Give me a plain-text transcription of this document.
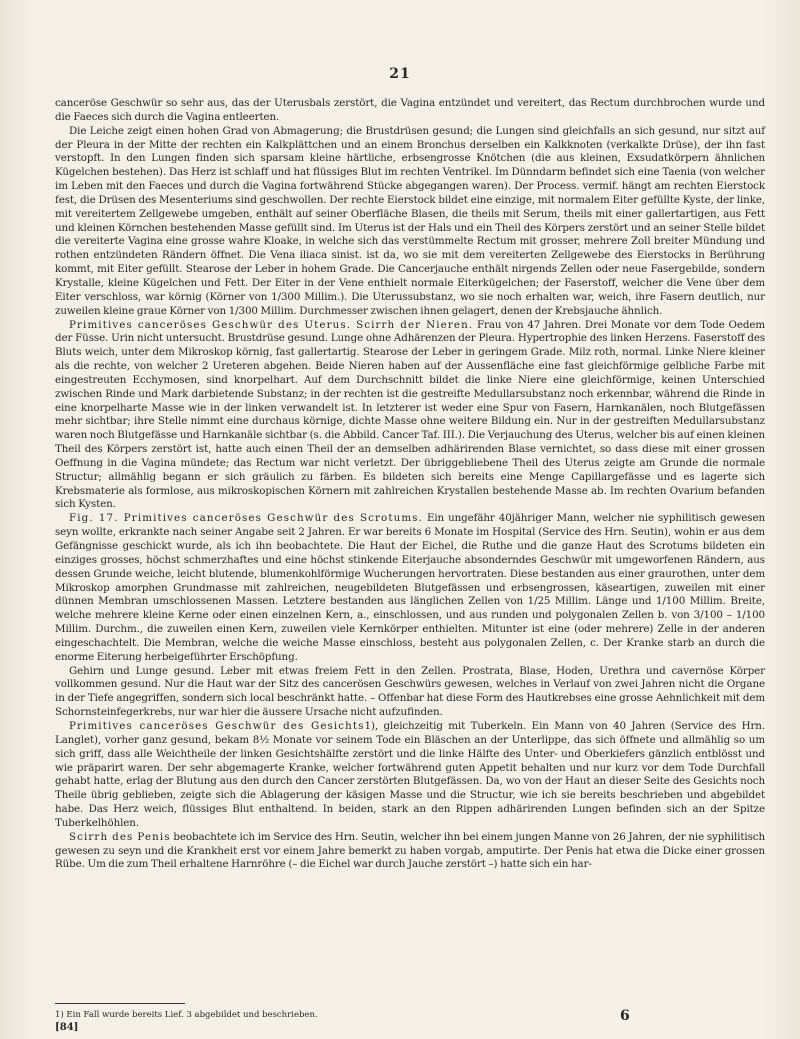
21

canceröse Geschwür so sehr aus, das der Uterusbals zerstört, die Vagina entzündet und vereitert, das Rectum durchbrochen wurde und die Faeces sich durch die Vagina entleerten.

Die Leiche zeigt einen hohen Grad von Abmagerung; die Brustdrüsen gesund; die Lungen sind gleichfalls an sich gesund, nur sitzt auf der Pleura in der Mitte der rechten ein Kalkplättchen und an einem Bronchus derselben ein Kalkknoten (verkalkte Drüse), der ihn fast verstopft. In den Lungen finden sich sparsam kleine härtliche, erbsengrosse Knötchen (die aus kleinen, Exsudatkörpern ähnlichen Kügelchen bestehen). Das Herz ist schlaff und hat flüssiges Blut im rechten Ventrikel. Im Dünndarm befindet sich eine Taenia (von welcher im Leben mit den Faeces und durch die Vagina fortwährend Stücke abgegangen waren). Der Process. vermif. hängt am rechten Eierstock fest, die Drüsen des Mesenteriums sind geschwollen. Der rechte Eierstock bildet eine einzige, mit normalem Eiter gefüllte Kyste, der linke, mit vereitertem Zellgewebe umgeben, enthält auf seiner Oberfläche Blasen, die theils mit Serum, theils mit einer gallertartigen, aus Fett und kleinen Körnchen bestehenden Masse gefüllt sind. Im Uterus ist der Hals und ein Theil des Körpers zerstört und an seiner Stelle bildet die vereiterte Vagina eine grosse wahre Kloake, in welche sich das verstümmelte Rectum mit grosser, mehrere Zoll breiter Mündung und rothen entzündeten Rändern öffnet. Die Vena iliaca sinist. ist da, wo sie mit dem vereiterten Zellgewebe des Eierstocks in Berührung kommt, mit Eiter gefüllt. Stearose der Leber in hohem Grade. Die Cancerjauche enthält nirgends Zellen oder neue Fasergebilde, sondern Krystalle, kleine Kügelchen und Fett. Der Eiter in der Vene enthielt normale Eiterkügelchen; der Faserstoff, welcher die Vene über dem Eiter verschloss, war körnig (Körner von 1/300 Millim.). Die Uterussubstanz, wo sie noch erhalten war, weich, ihre Fasern deutlich, nur zuweilen kleine graue Körner von 1/300 Millim. Durchmesser zwischen ihnen gelagert, denen der Krebsjauche ähnlich.

Primitives canceröses Geschwür des Uterus. Scirrh der Nieren. Frau von 47 Jahren. Drei Monate vor dem Tode Oedem der Füsse. Urin nicht untersucht. Brustdrüse gesund. Lunge ohne Adhärenzen der Pleura. Hypertrophie des linken Herzens. Faserstoff des Bluts weich, unter dem Mikroskop körnig, fast gallertartig. Stearose der Leber in geringem Grade. Milz roth, normal. Linke Niere kleiner als die rechte, von welcher 2 Ureteren abgehen. Beide Nieren haben auf der Aussenfläche eine fast gleichförmige gelbliche Farbe mit eingestreuten Ecchymosen, sind knorpelhart. Auf dem Durchschnitt bildet die linke Niere eine gleichförmige, keinen Unterschied zwischen Rinde und Mark darbietende Substanz; in der rechten ist die gestreifte Medullarsubstanz noch erkennbar, während die Rinde in eine knorpelharte Masse wie in der linken verwandelt ist. In letzterer ist weder eine Spur von Fasern, Harnkanälen, noch Blutgefässen mehr sichtbar; ihre Stelle nimmt eine durchaus körnige, dichte Masse ohne weitere Bildung ein. Nur in der gestreiften Medullarsubstanz waren noch Blutgefässe und Harnkanäle sichtbar (s. die Abbild. Cancer Taf. III.). Die Verjauchung des Uterus, welcher bis auf einen kleinen Theil des Körpers zerstört ist, hatte auch einen Theil der an demselben adhärirenden Blase vernichtet, so dass diese mit einer grossen Oeffnung in die Vagina mündete; das Rectum war nicht verletzt. Der übriggebliebene Theil des Uterus zeigte am Grunde die normale Structur; allmählig begann er sich gräulich zu färben. Es bildeten sich bereits eine Menge Capillargefässe und es lagerte sich Krebsmaterie als formlose, aus mikroskopischen Körnern mit zahlreichen Krystallen bestehende Masse ab. Im rechten Ovarium befanden sich Kysten.

Fig. 17. Primitives canceröses Geschwür des Scrotums. Ein ungefähr 40jähriger Mann, welcher nie syphilitisch gewesen seyn wollte, erkrankte nach seiner Angabe seit 2 Jahren. Er war bereits 6 Monate im Hospital (Service des Hrn. Seutin), wohin er aus dem Gefängnisse geschickt wurde, als ich ihn beobachtete. Die Haut der Eichel, die Ruthe und die ganze Haut des Scrotums bildeten ein einziges grosses, höchst schmerzhaftes und eine höchst stinkende Eiterjauche absonderndes Geschwür mit umgeworfenen Rändern, aus dessen Grunde weiche, leicht blutende, blumenkohlförmige Wucherungen hervortraten. Diese bestanden aus einer graurothen, unter dem Mikroskop amorphen Grundmasse mit zahlreichen, neugebildeten Blutgefässen und erbsengrossen, käseartigen, zuweilen mit einer dünnen Membran umschlossenen Massen. Letztere bestanden aus länglichen Zellen von 1/25 Millim. Länge und 1/100 Millim. Breite, welche mehrere kleine Kerne oder einen einzelnen Kern, a., einschlossen, und aus runden und polygonalen Zellen b. von 3/100 – 1/100 Millim. Durchm., die zuweilen einen Kern, zuweilen viele Kernkörper enthielten. Mitunter ist eine (oder mehrere) Zelle in der anderen eingeschachtelt. Die Membran, welche die weiche Masse einschloss, besteht aus polygonalen Zellen, c. Der Kranke starb an durch die enorme Eiterung herbeigeführter Erschöpfung.

Gehirn und Lunge gesund. Leber mit etwas freiem Fett in den Zellen. Prostrata, Blase, Hoden, Urethra und cavernöse Körper vollkommen gesund. Nur die Haut war der Sitz des cancerösen Geschwürs gewesen, welches in Verlauf von zwei Jahren nicht die Organe in der Tiefe angegriffen, sondern sich local beschränkt hatte. – Offenbar hat diese Form des Hautkrebses eine grosse Aehnlichkeit mit dem Schornsteinfegerkrebs, nur war hier die äussere Ursache nicht aufzufinden.

Primitives canceröses Geschwür des Gesichts1), gleichzeitig mit Tuberkeln. Ein Mann von 40 Jahren (Service des Hrn. Langlet), vorher ganz gesund, bekam 8½ Monate vor seinem Tode ein Bläschen an der Unterlippe, das sich öffnete und allmählig so um sich griff, dass alle Weichtheile der linken Gesichtshälfte zerstört und die linke Hälfte des Unter- und Oberkiefers gänzlich entblösst und wie präparirt waren. Der sehr abgemagerte Kranke, welcher fortwährend guten Appetit behalten und nur kurz vor dem Tode Durchfall gehabt hatte, erlag der Blutung aus den durch den Cancer zerstörten Blutgefässen. Da, wo von der Haut an dieser Seite des Gesichts noch Theile übrig geblieben, zeigte sich die Ablagerung der käsigen Masse und die Structur, wie ich sie bereits beschrieben und abgebildet habe. Das Herz weich, flüssiges Blut enthaltend. In beiden, stark an den Rippen adhärirenden Lungen befinden sich an der Spitze Tuberkelhöhlen.

Scirrh des Penis beobachtete ich im Service des Hrn. Seutin, welcher ihn bei einem jungen Manne von 26 Jahren, der nie syphilitisch gewesen zu seyn und die Krankheit erst vor einem Jahre bemerkt zu haben vorgab, amputirte. Der Penis hat etwa die Dicke einer grossen Rübe. Um die zum Theil erhaltene Harnröhre (– die Eichel war durch Jauche zerstört –) hatte sich ein har-

1) Ein Fall wurde bereits Lief. 3 abgebildet und beschrieben.	6
[84]
